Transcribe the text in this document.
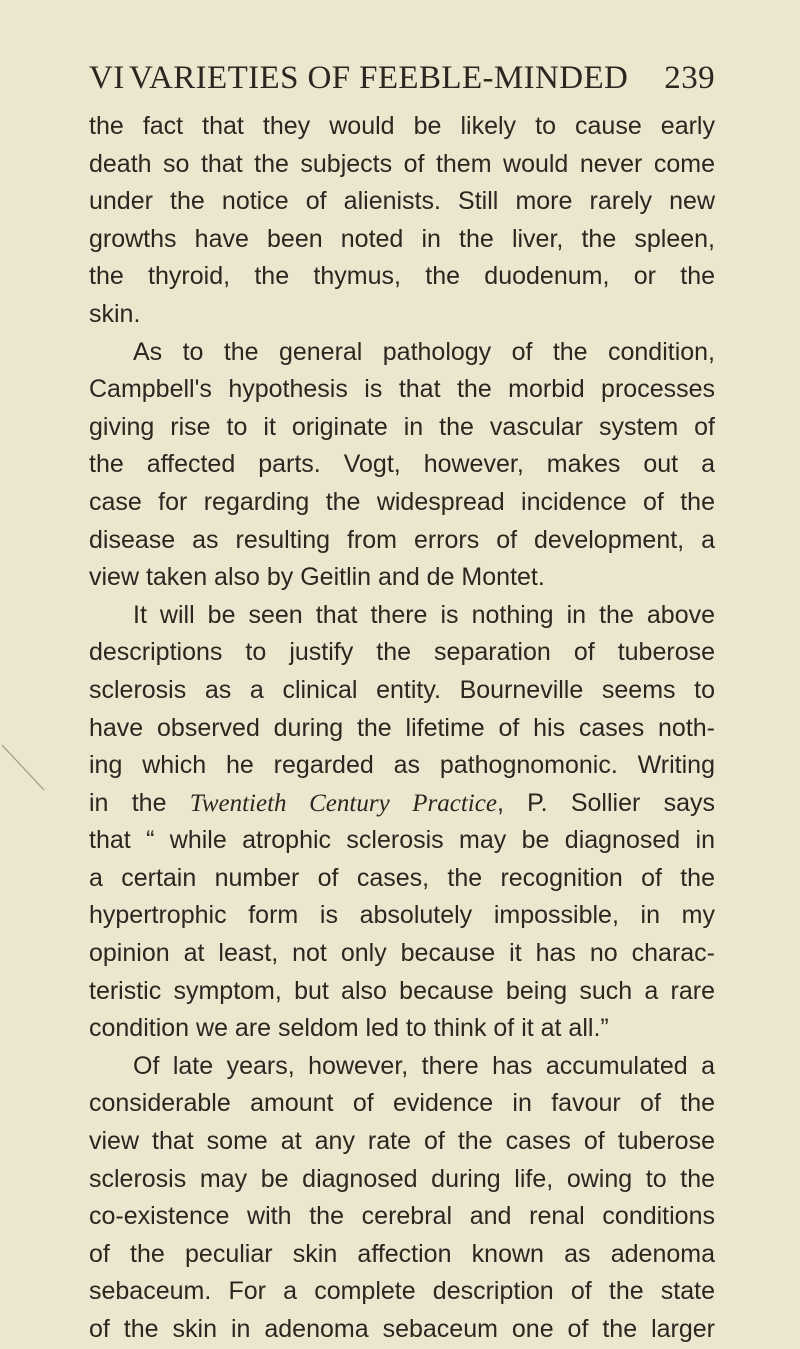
VI VARIETIES OF FEEBLE-MINDED 239
the fact that they would be likely to cause early
death so that the subjects of them would never come
under the notice of alienists. Still more rarely new
growths have been noted in the liver, the spleen,
the thyroid, the thymus, the duodenum, or the
skin.
As to the general pathology of the condition,
Campbell's hypothesis is that the morbid processes
giving rise to it originate in the vascular system of
the affected parts. Vogt, however, makes out a
case for regarding the widespread incidence of the
disease as resulting from errors of development, a
view taken also by Geitlin and de Montet.
It will be seen that there is nothing in the above
descriptions to justify the separation of tuberose
sclerosis as a clinical entity. Bourneville seems to
have observed during the lifetime of his cases noth-
ing which he regarded as pathognomonic. Writing
in the Twentieth Century Practice, P. Sollier says
that “ while atrophic sclerosis may be diagnosed in
a certain number of cases, the recognition of the
hypertrophic form is absolutely impossible, in my
opinion at least, not only because it has no charac-
teristic symptom, but also because being such a rare
condition we are seldom led to think of it at all.”
Of late years, however, there has accumulated a
considerable amount of evidence in favour of the
view that some at any rate of the cases of tuberose
sclerosis may be diagnosed during life, owing to the
co-existence with the cerebral and renal conditions
of the peculiar skin affection known as adenoma
sebaceum. For a complete description of the state
of the skin in adenoma sebaceum one of the larger
